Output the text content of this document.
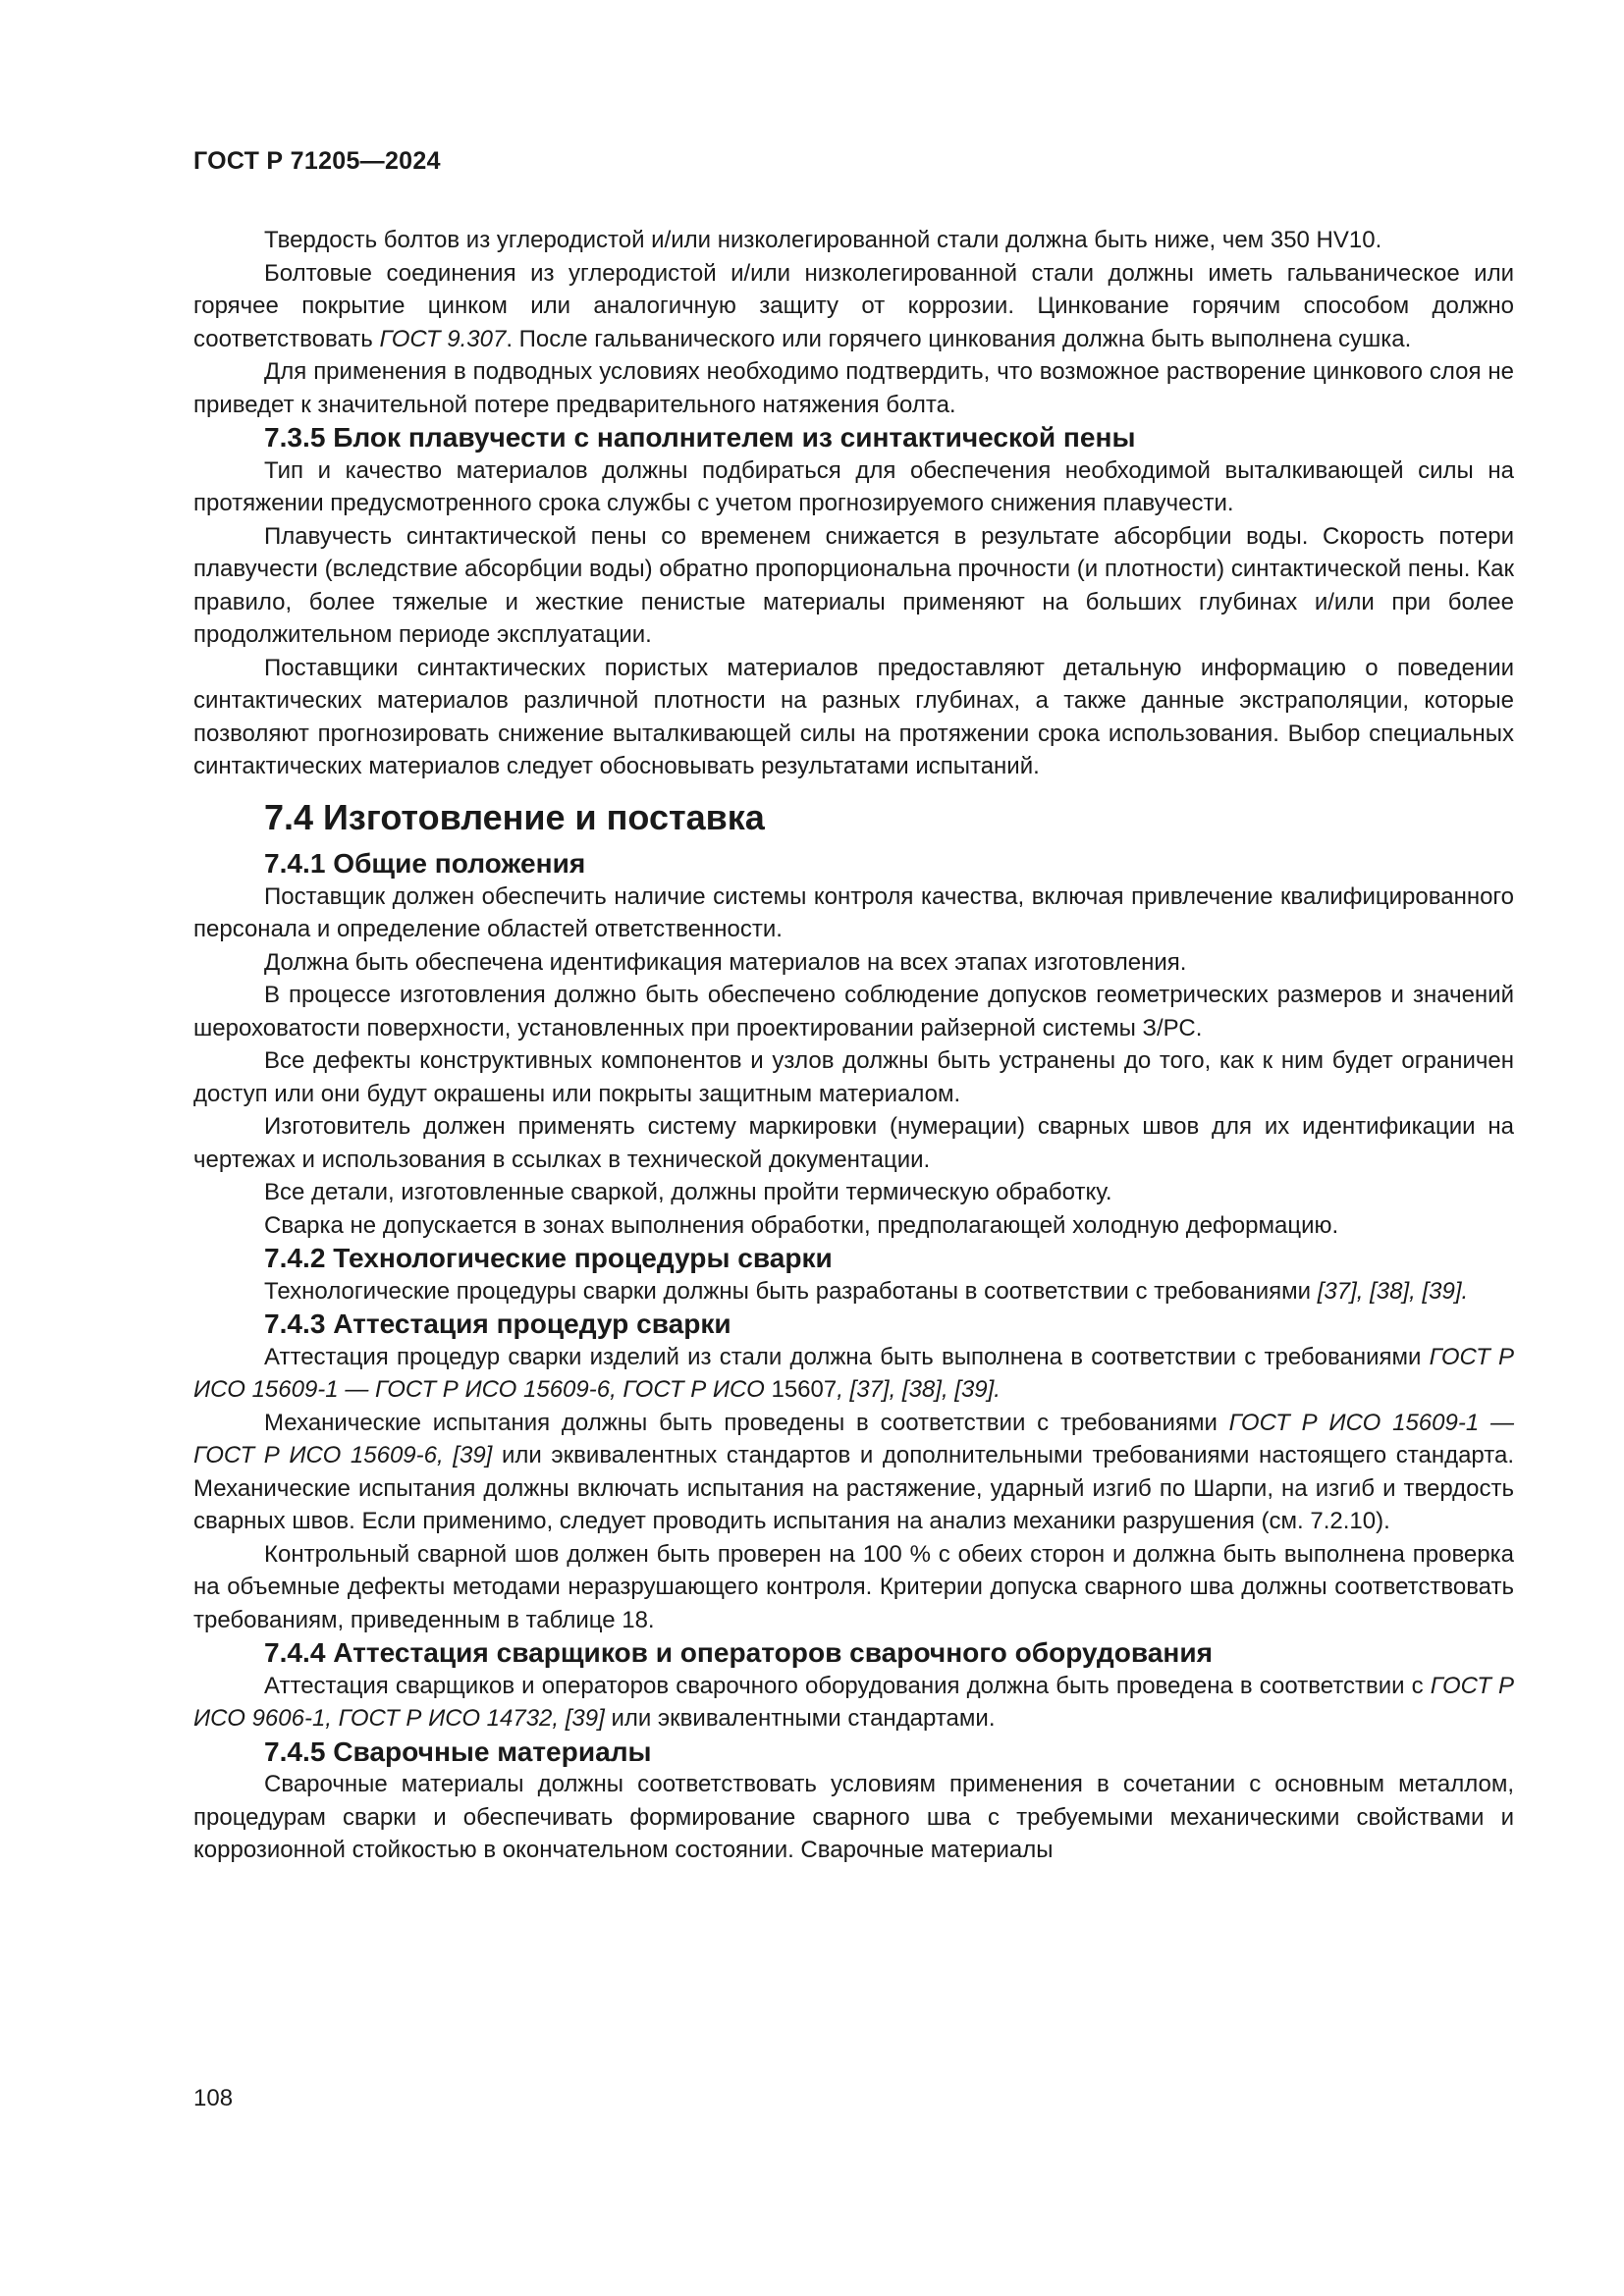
ГОСТ Р 71205—2024

Твердость болтов из углеродистой и/или низколегированной стали должна быть ниже, чем 350 HV10.

Болтовые соединения из углеродистой и/или низколегированной стали должны иметь гальваническое или горячее покрытие цинком или аналогичную защиту от коррозии. Цинкование горячим способом должно соответствовать ГОСТ 9.307. После гальванического или горячего цинкования должна быть выполнена сушка.

Для применения в подводных условиях необходимо подтвердить, что возможное растворение цинкового слоя не приведет к значительной потере предварительного натяжения болта.

7.3.5 Блок плавучести с наполнителем из синтактической пены

Тип и качество материалов должны подбираться для обеспечения необходимой выталкивающей силы на протяжении предусмотренного срока службы с учетом прогнозируемого снижения плавучести.

Плавучесть синтактической пены со временем снижается в результате абсорбции воды. Скорость потери плавучести (вследствие абсорбции воды) обратно пропорциональна прочности (и плотности) синтактической пены. Как правило, более тяжелые и жесткие пенистые материалы применяют на больших глубинах и/или при более продолжительном периоде эксплуатации.

Поставщики синтактических пористых материалов предоставляют детальную информацию о поведении синтактических материалов различной плотности на разных глубинах, а также данные экстраполяции, которые позволяют прогнозировать снижение выталкивающей силы на протяжении срока использования. Выбор специальных синтактических материалов следует обосновывать результатами испытаний.

7.4 Изготовление и поставка
7.4.1 Общие положения

Поставщик должен обеспечить наличие системы контроля качества, включая привлечение квалифицированного персонала и определение областей ответственности.

Должна быть обеспечена идентификация материалов на всех этапах изготовления.

В процессе изготовления должно быть обеспечено соблюдение допусков геометрических размеров и значений шероховатости поверхности, установленных при проектировании райзерной системы З/РС.

Все дефекты конструктивных компонентов и узлов должны быть устранены до того, как к ним будет ограничен доступ или они будут окрашены или покрыты защитным материалом.

Изготовитель должен применять систему маркировки (нумерации) сварных швов для их идентификации на чертежах и использования в ссылках в технической документации.

Все детали, изготовленные сваркой, должны пройти термическую обработку.

Сварка не допускается в зонах выполнения обработки, предполагающей холодную деформацию.

7.4.2 Технологические процедуры сварки

Технологические процедуры сварки должны быть разработаны в соответствии с требованиями [37], [38], [39].

7.4.3 Аттестация процедур сварки

Аттестация процедур сварки изделий из стали должна быть выполнена в соответствии с требованиями ГОСТ Р ИСО 15609-1 — ГОСТ Р ИСО 15609-6, ГОСТ Р ИСО 15607, [37], [38], [39].

Механические испытания должны быть проведены в соответствии с требованиями ГОСТ Р ИСО 15609-1 — ГОСТ Р ИСО 15609-6, [39] или эквивалентных стандартов и дополнительными требованиями настоящего стандарта. Механические испытания должны включать испытания на растяжение, ударный изгиб по Шарпи, на изгиб и твердость сварных швов. Если применимо, следует проводить испытания на анализ механики разрушения (см. 7.2.10).

Контрольный сварной шов должен быть проверен на 100 % с обеих сторон и должна быть выполнена проверка на объемные дефекты методами неразрушающего контроля. Критерии допуска сварного шва должны соответствовать требованиям, приведенным в таблице 18.

7.4.4 Аттестация сварщиков и операторов сварочного оборудования

Аттестация сварщиков и операторов сварочного оборудования должна быть проведена в соответствии с ГОСТ Р ИСО 9606-1, ГОСТ Р ИСО 14732, [39] или эквивалентными стандартами.

7.4.5 Сварочные материалы

Сварочные материалы должны соответствовать условиям применения в сочетании с основным металлом, процедурам сварки и обеспечивать формирование сварного шва с требуемыми механическими свойствами и коррозионной стойкостью в окончательном состоянии. Сварочные материалы

108
